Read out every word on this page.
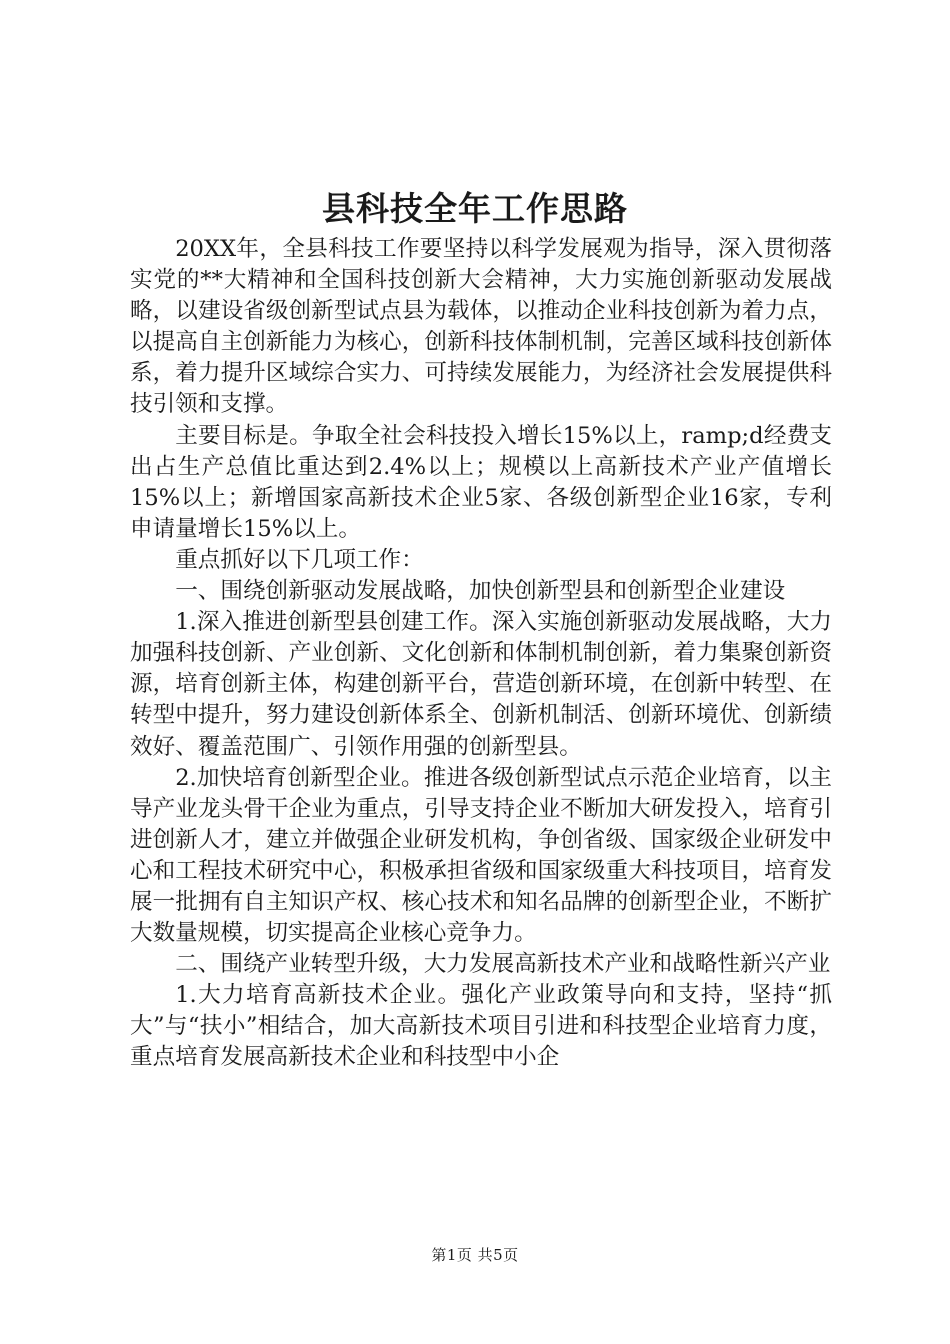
县科技全年工作思路

20XX年，全县科技工作要坚持以科学发展观为指导，深入贯彻落实党的**大精神和全国科技创新大会精神，大力实施创新驱动发展战略，以建设省级创新型试点县为载体，以推动企业科技创新为着力点，以提高自主创新能力为核心，创新科技体制机制，完善区域科技创新体系，着力提升区域综合实力、可持续发展能力，为经济社会发展提供科技引领和支撑。

主要目标是。争取全社会科技投入增长15%以上，ramp;d经费支出占生产总值比重达到2.4%以上；规模以上高新技术产业产值增长15%以上；新增国家高新技术企业5家、各级创新型企业16家，专利申请量增长15%以上。

重点抓好以下几项工作：

一、围绕创新驱动发展战略，加快创新型县和创新型企业建设

1.深入推进创新型县创建工作。深入实施创新驱动发展战略，大力加强科技创新、产业创新、文化创新和体制机制创新，着力集聚创新资源，培育创新主体，构建创新平台，营造创新环境，在创新中转型、在转型中提升，努力建设创新体系全、创新机制活、创新环境优、创新绩效好、覆盖范围广、引领作用强的创新型县。

2.加快培育创新型企业。推进各级创新型试点示范企业培育，以主导产业龙头骨干企业为重点，引导支持企业不断加大研发投入，培育引进创新人才，建立并做强企业研发机构，争创省级、国家级企业研发中心和工程技术研究中心，积极承担省级和国家级重大科技项目，培育发展一批拥有自主知识产权、核心技术和知名品牌的创新型企业，不断扩大数量规模，切实提高企业核心竞争力。

二、围绕产业转型升级，大力发展高新技术产业和战略性新兴产业

1.大力培育高新技术企业。强化产业政策导向和支持，坚持“抓大”与“扶小”相结合，加大高新技术项目引进和科技型企业培育力度，重点培育发展高新技术企业和科技型中小企

第1页 共5页
